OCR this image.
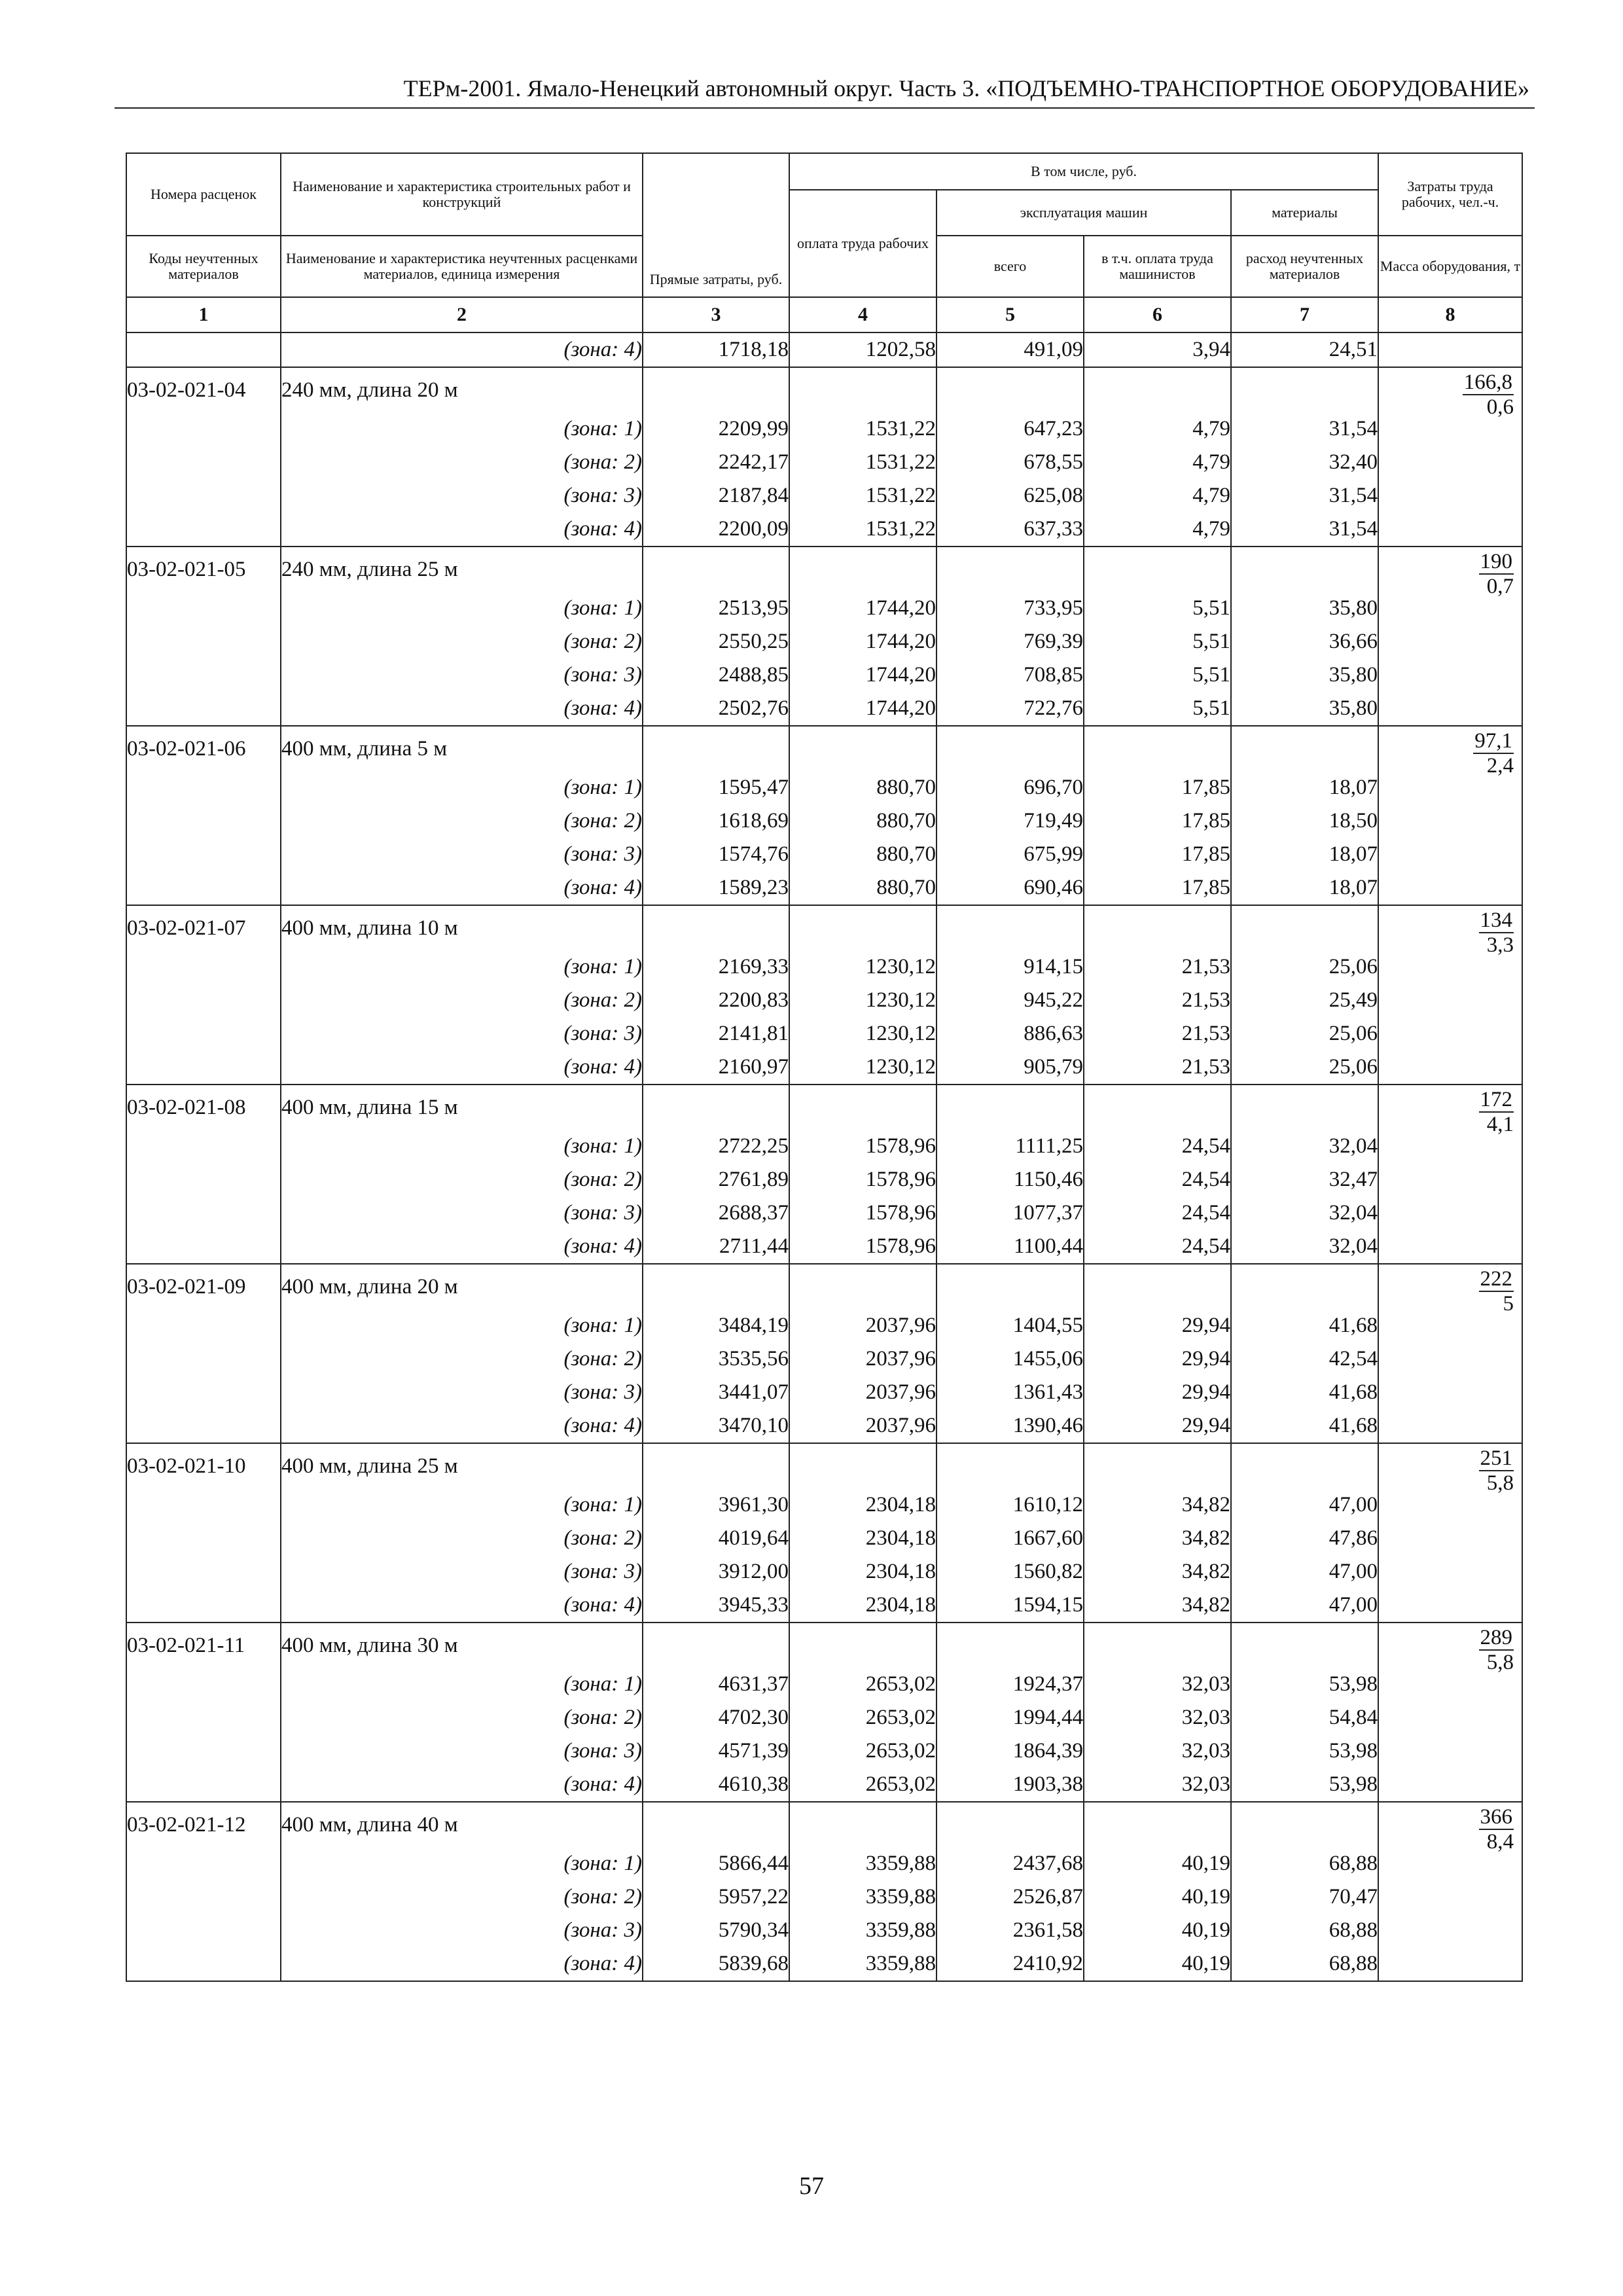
ТЕРм-2001. Ямало-Ненецкий автономный округ. Часть 3. «ПОДЪЕМНО-ТРАНСПОРТНОЕ ОБОРУДОВАНИЕ»
Номера расценок	Наименование и характеристика строительных работ и конструкций	Прямые затраты, руб.	В том числе, руб.				Затраты труда рабочих, чел.-ч.
			оплата труда рабочих	эксплуатация машин		материалы	
Коды неучтенных материалов	Наименование и характеристика неучтенных расценками материалов, единица измерения			всего	в т.ч. оплата труда машинистов	расход неучтенных материалов	Масса оборудования, т
1	2	3	4	5	6	7	8
	(зона: 4)	1718,18	1202,58	491,09	3,94	24,51	
03-02-021-04	240 мм, длина 20 м						$\frac{166,8}{0,6}$

	(зона: 1)	2209,99	1531,22	647,23	4,79	31,54	
	(зона: 2)	2242,17	1531,22	678,55	4,79	32,40	
	(зона: 3)	2187,84	1531,22	625,08	4,79	31,54	
	(зона: 4)	2200,09	1531,22	637,33	4,79	31,54	
03-02-021-05	240 мм, длина 25 м						$\frac{190}{0,7}$

	(зона: 1)	2513,95	1744,20	733,95	5,51	35,80	
	(зона: 2)	2550,25	1744,20	769,39	5,51	36,66	
	(зона: 3)	2488,85	1744,20	708,85	5,51	35,80	
	(зона: 4)	2502,76	1744,20	722,76	5,51	35,80	
03-02-021-06	400 мм, длина 5 м						$\frac{97,1}{2,4}$

	(зона: 1)	1595,47	880,70	696,70	17,85	18,07	
	(зона: 2)	1618,69	880,70	719,49	17,85	18,50	
	(зона: 3)	1574,76	880,70	675,99	17,85	18,07	
	(зона: 4)	1589,23	880,70	690,46	17,85	18,07	
03-02-021-07	400 мм, длина 10 м						$\frac{134}{3,3}$

	(зона: 1)	2169,33	1230,12	914,15	21,53	25,06	
	(зона: 2)	2200,83	1230,12	945,22	21,53	25,49	
	(зона: 3)	2141,81	1230,12	886,63	21,53	25,06	
	(зона: 4)	2160,97	1230,12	905,79	21,53	25,06	
03-02-021-08	400 мм, длина 15 м						$\frac{172}{4,1}$

	(зона: 1)	2722,25	1578,96	1111,25	24,54	32,04	
	(зона: 2)	2761,89	1578,96	1150,46	24,54	32,47	
	(зона: 3)	2688,37	1578,96	1077,37	24,54	32,04	
	(зона: 4)	2711,44	1578,96	1100,44	24,54	32,04	
03-02-021-09	400 мм, длина 20 м						$\frac{222}{5}$

	(зона: 1)	3484,19	2037,96	1404,55	29,94	41,68	
	(зона: 2)	3535,56	2037,96	1455,06	29,94	42,54	
	(зона: 3)	3441,07	2037,96	1361,43	29,94	41,68	
	(зона: 4)	3470,10	2037,96	1390,46	29,94	41,68	
03-02-021-10	400 мм, длина 25 м						$\frac{251}{5,8}$

	(зона: 1)	3961,30	2304,18	1610,12	34,82	47,00	
	(зона: 2)	4019,64	2304,18	1667,60	34,82	47,86	
	(зона: 3)	3912,00	2304,18	1560,82	34,82	47,00	
	(зона: 4)	3945,33	2304,18	1594,15	34,82	47,00	
03-02-021-11	400 мм, длина 30 м						$\frac{289}{5,8}$

	(зона: 1)	4631,37	2653,02	1924,37	32,03	53,98	
	(зона: 2)	4702,30	2653,02	1994,44	32,03	54,84	
	(зона: 3)	4571,39	2653,02	1864,39	32,03	53,98	
	(зона: 4)	4610,38	2653,02	1903,38	32,03	53,98	
03-02-021-12	400 мм, длина 40 м						$\frac{366}{8,4}$

	(зона: 1)	5866,44	3359,88	2437,68	40,19	68,88	
	(зона: 2)	5957,22	3359,88	2526,87	40,19	70,47	
	(зона: 3)	5790,34	3359,88	2361,58	40,19	68,88	
	(зона: 4)	5839,68	3359,88	2410,92	40,19	68,88	
57
